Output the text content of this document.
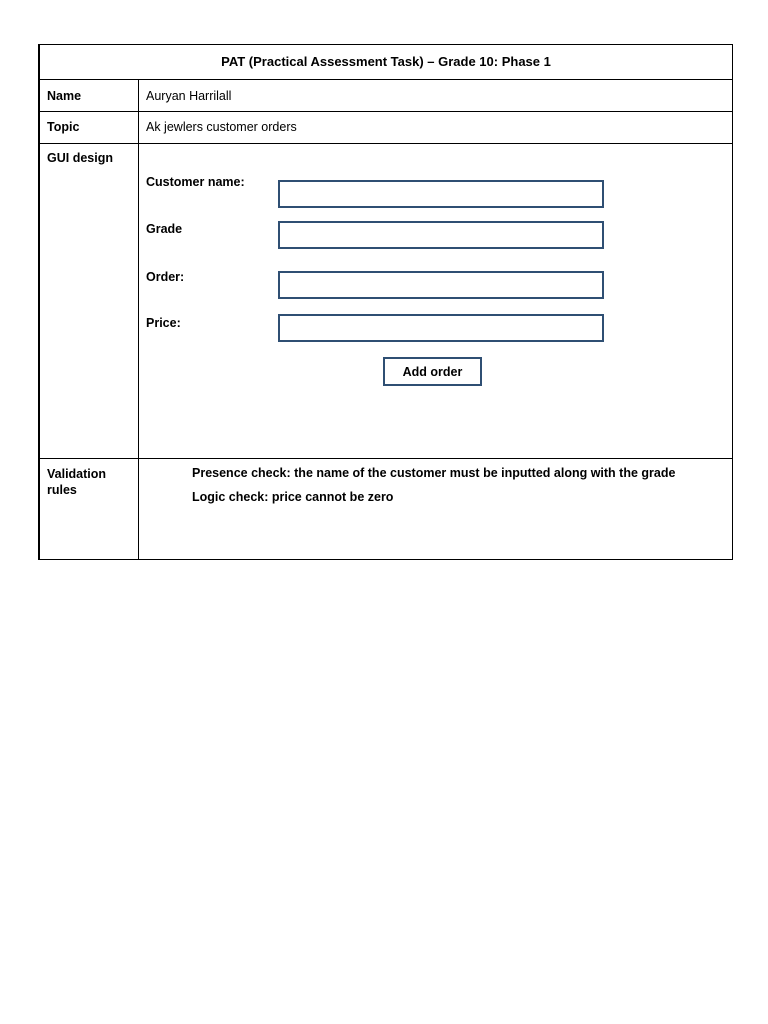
PAT (Practical Assessment Task) – Grade 10: Phase 1
Name	Auryan Harrilall
Topic	Ak jewlers customer orders
GUI design
Customer name:
Grade
Order:
Price:
Add order
Validation
rules
Presence check: the name of the customer must be inputted along with the grade
Logic check: price cannot be zero
